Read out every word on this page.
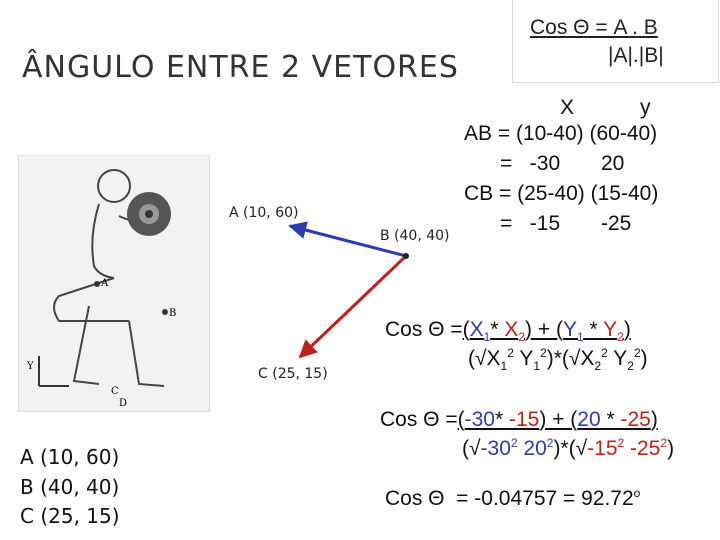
ÂNGULO ENTRE 2 VETORES
Cos Θ = A . B
|A|.|B|
X	y
AB = (10-40) (60-40)
=   -30       20
CB = (25-40) (15-40)
=   -15       -25
Y
A
B
C
D
A (10, 60)
B (40, 40)
C (25, 15)
A (10, 60)
B (40, 40)
C (25, 15)
Cos $\Theta =(X_1*$ $X_2) + (Y_1 * Y_2)$
($√X_1^2$ $Y_1^2)*(√X_2^2$ $Y_2^2$)
Cos Θ =(-30* -15) + (20 * -25)
($√-30^2$ $20^2)*(√-15^2$ $-25^2$)
Cos $\Theta = -0.04757 = 92.72^o$
